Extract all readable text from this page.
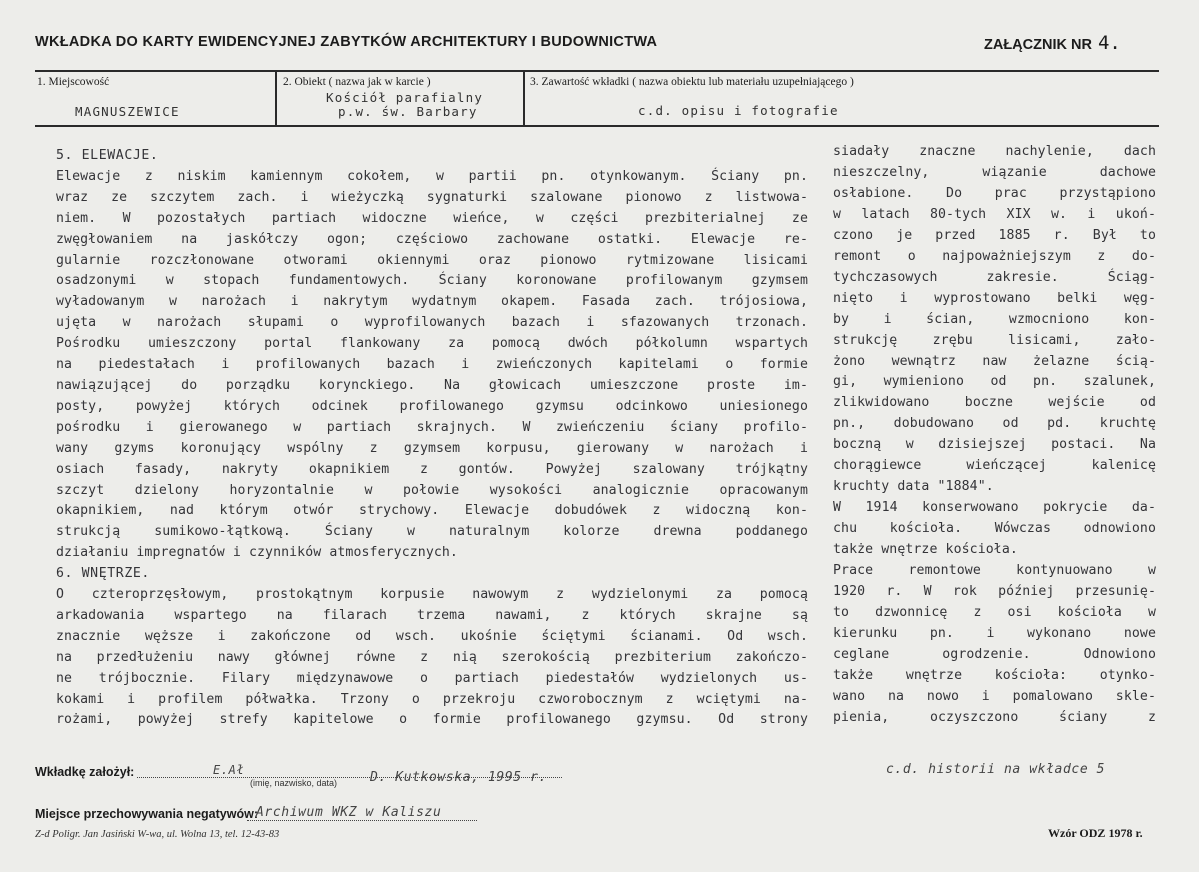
WKŁADKA DO KARTY EWIDENCYJNEJ ZABYTKÓW ARCHITEKTURY I BUDOWNICTWA	ZAŁĄCZNIK NR 4.
1. Miejscowość
MAGNUSZEWICE
2. Obiekt ( nazwa jak w karcie )
Kościół parafialny
p.w. św. Barbary
3. Zawartość wkładki ( nazwa obiektu lub materiału uzupełniającego )
c.d. opisu i fotografie

5. ELEWACJE.

Elewacje z niskim kamiennym cokołem, w partii pn. otynkowanym. Ściany pn.

wraz ze szczytem zach. i wieżyczką sygnaturki szalowane pionowo z listwowa-

niem. W pozostałych partiach widoczne wieńce, w części prezbiterialnej ze

zwęgłowaniem na jaskółczy ogon; częściowo zachowane ostatki. Elewacje re-

gularnie rozczłonowane otworami okiennymi oraz pionowo rytmizowane lisicami

osadzonymi w stopach fundamentowych. Ściany koronowane profilowanym gzymsem

wyładowanym w narożach i nakrytym wydatnym okapem. Fasada zach. trójosiowa,

ujęta w narożach słupami o wyprofilowanych bazach i sfazowanych trzonach.

Pośrodku umieszczony portal flankowany za pomocą dwóch półkolumn wspartych

na piedestałach i profilowanych bazach i zwieńczonych kapitelami o formie

nawiązującej do porządku korynckiego. Na głowicach umieszczone proste im-

posty, powyżej których odcinek profilowanego gzymsu odcinkowo uniesionego

pośrodku i gierowanego w partiach skrajnych. W zwieńczeniu ściany profilo-

wany gzyms koronujący wspólny z gzymsem korpusu, gierowany w narożach i

osiach fasady, nakryty okapnikiem z gontów. Powyżej szalowany trójkątny

szczyt dzielony horyzontalnie w połowie wysokości analogicznie opracowanym

okapnikiem, nad którym otwór strychowy. Elewacje dobudówek z widoczną kon-

strukcją sumikowo-łątkową. Ściany w naturalnym kolorze drewna poddanego

działaniu impregnatów i czynników atmosferycznych.

6. WNĘTRZE.

O czteroprzęsłowym, prostokątnym korpusie nawowym z wydzielonymi za pomocą

arkadowania wspartego na filarach trzema nawami, z których skrajne są

znacznie węższe i zakończone od wsch. ukośnie ściętymi ścianami. Od wsch.

na przedłużeniu nawy głównej równe z nią szerokością prezbiterium zakończo-

ne trójbocznie. Filary międzynawowe o partiach piedestałów wydzielonych us-

kokami i profilem półwałka. Trzony o przekroju czworobocznym z wciętymi na-

rożami, powyżej strefy kapitelowe o formie profilowanego gzymsu. Od strony

siadały znaczne nachylenie, dach

nieszczelny, wiązanie dachowe

osłabione. Do prac przystąpiono

w latach 80-tych XIX w. i ukoń-

czono je przed 1885 r. Był to

remont o najpoważniejszym z do-

tychczasowych zakresie. Ściąg-

nięto i wyprostowano belki węg-

by i ścian, wzmocniono kon-

strukcję zrębu lisicami, zało-

żono wewnątrz naw żelazne ścią-

gi, wymieniono od pn. szalunek,

zlikwidowano boczne wejście od

pn., dobudowano od pd. kruchtę

boczną w dzisiejszej postaci. Na

chorągiewce wieńczącej kalenicę

kruchty data "1884".

W 1914 konserwowano pokrycie da-

chu kościoła. Wówczas odnowiono

także wnętrze kościoła.

Prace remontowe kontynuowano w

1920 r. W rok później przesunię-

to dzwonnicę z osi kościoła w

kierunku pn. i wykonano nowe

ceglane ogrodzenie. Odnowiono

także wnętrze kościoła: otynko-

wano na nowo i pomalowano skle-

pienia, oczyszczono ściany z

Wkładkę założył:	E.Ał
(imię, nazwisko, data)	D. Kutkowska, 1995 r.
c.d. historii na wkładce 5
Miejsce przechowywania negatywów:
Archiwum WKZ w Kaliszu
Z-d Poligr. Jan Jasiński W-wa, ul. Wolna 13, tel. 12-43-83	Wzór ODZ 1978 r.
